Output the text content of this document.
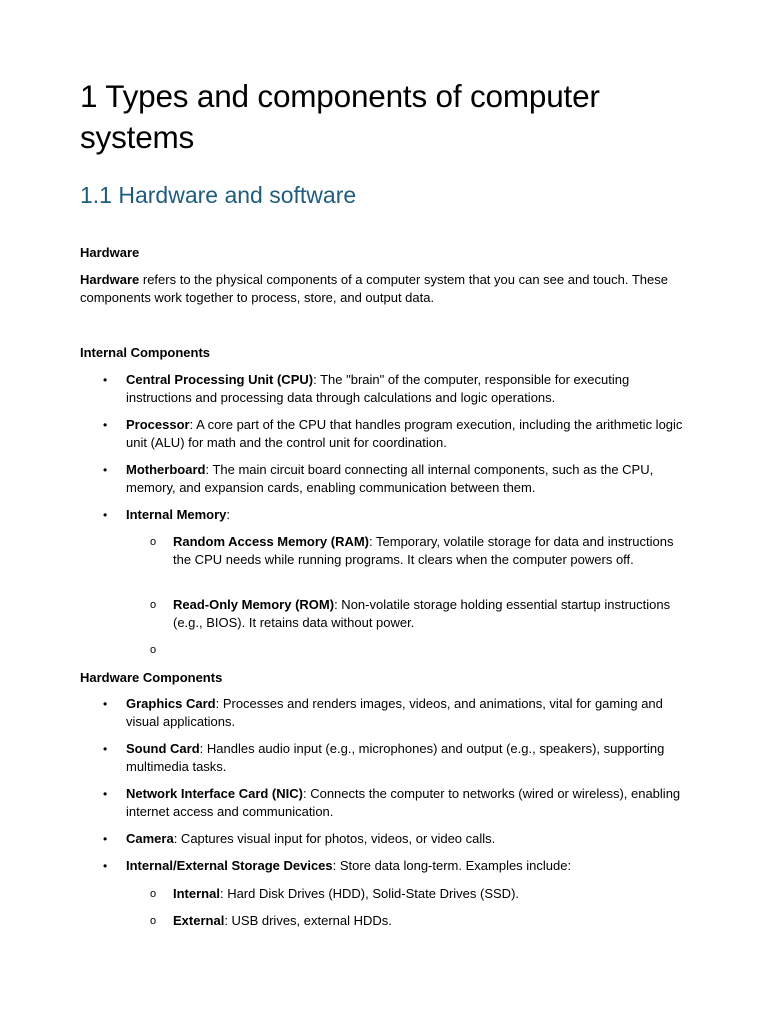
1 Types and components of computer systems
1.1 Hardware and software
Hardware

Hardware refers to the physical components of a computer system that you can see and touch. These components work together to process, store, and output data.

Internal Components
• Central Processing Unit (CPU): The "brain" of the computer, responsible for executing instructions and processing data through calculations and logic operations.
• Processor: A core part of the CPU that handles program execution, including the arithmetic logic unit (ALU) for math and the control unit for coordination.
• Motherboard: The main circuit board connecting all internal components, such as the CPU, memory, and expansion cards, enabling communication between them.
• Internal Memory:
o Random Access Memory (RAM): Temporary, volatile storage for data and instructions the CPU needs while running programs. It clears when the computer powers off.
o Read-Only Memory (ROM): Non-volatile storage holding essential startup instructions (e.g., BIOS). It retains data without power.
o
Hardware Components
• Graphics Card: Processes and renders images, videos, and animations, vital for gaming and visual applications.
• Sound Card: Handles audio input (e.g., microphones) and output (e.g., speakers), supporting multimedia tasks.
• Network Interface Card (NIC): Connects the computer to networks (wired or wireless), enabling internet access and communication.
• Camera: Captures visual input for photos, videos, or video calls.
• Internal/External Storage Devices: Store data long-term. Examples include:
o Internal: Hard Disk Drives (HDD), Solid-State Drives (SSD).
o External: USB drives, external HDDs.
